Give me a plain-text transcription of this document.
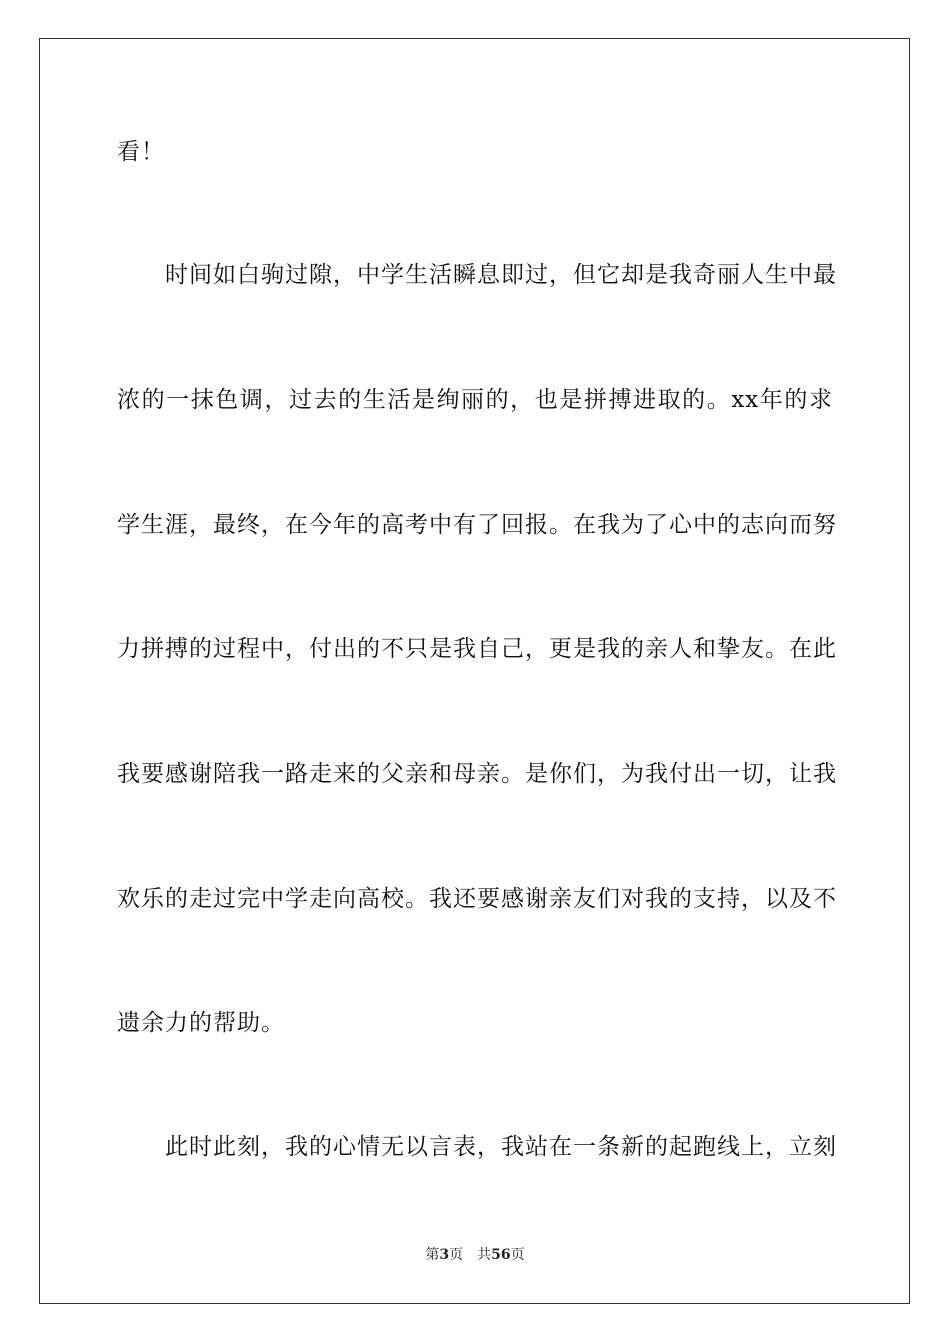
看！
时间如白驹过隙，中学生活瞬息即过，但它却是我奇丽人生中最
浓的一抹色调，过去的生活是绚丽的，也是拼搏进取的。xx年的求
学生涯，最终，在今年的高考中有了回报。在我为了心中的志向而努
力拼搏的过程中，付出的不只是我自己，更是我的亲人和挚友。在此
我要感谢陪我一路走来的父亲和母亲。是你们，为我付出一切，让我
欢乐的走过完中学走向高校。我还要感谢亲友们对我的支持，以及不
遗余力的帮助。
此时此刻，我的心情无以言表，我站在一条新的起跑线上，立刻
第3页 共56页
